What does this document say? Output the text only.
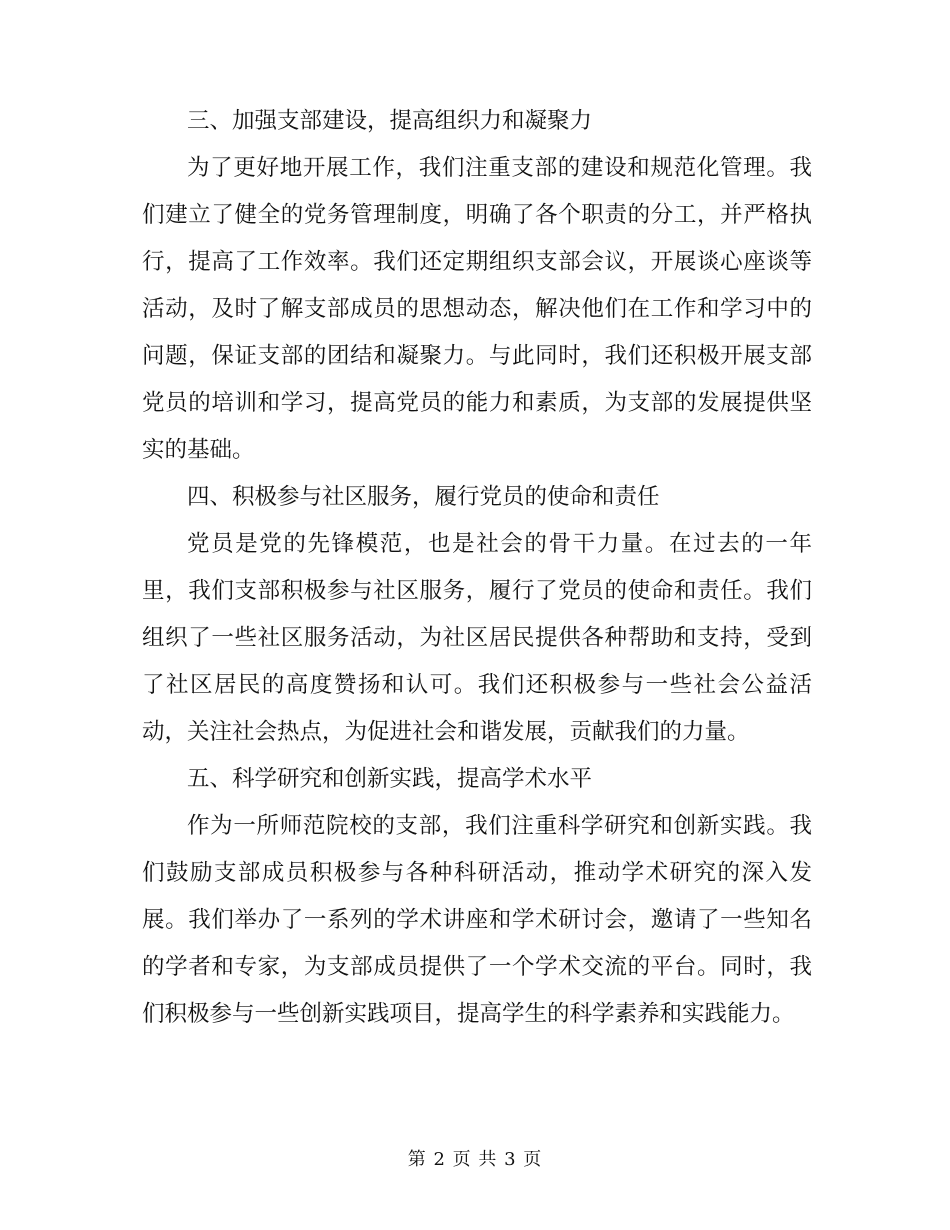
三、加强支部建设，提高组织力和凝聚力

为了更好地开展工作，我们注重支部的建设和规范化管理。我们建立了健全的党务管理制度，明确了各个职责的分工，并严格执行，提高了工作效率。我们还定期组织支部会议，开展谈心座谈等活动，及时了解支部成员的思想动态，解决他们在工作和学习中的问题，保证支部的团结和凝聚力。与此同时，我们还积极开展支部党员的培训和学习，提高党员的能力和素质，为支部的发展提供坚实的基础。

四、积极参与社区服务，履行党员的使命和责任

党员是党的先锋模范，也是社会的骨干力量。在过去的一年里，我们支部积极参与社区服务，履行了党员的使命和责任。我们组织了一些社区服务活动，为社区居民提供各种帮助和支持，受到了社区居民的高度赞扬和认可。我们还积极参与一些社会公益活动，关注社会热点，为促进社会和谐发展，贡献我们的力量。

五、科学研究和创新实践，提高学术水平

作为一所师范院校的支部，我们注重科学研究和创新实践。我们鼓励支部成员积极参与各种科研活动，推动学术研究的深入发展。我们举办了一系列的学术讲座和学术研讨会，邀请了一些知名的学者和专家，为支部成员提供了一个学术交流的平台。同时，我们积极参与一些创新实践项目，提高学生的科学素养和实践能力。

第 2 页 共 3 页
